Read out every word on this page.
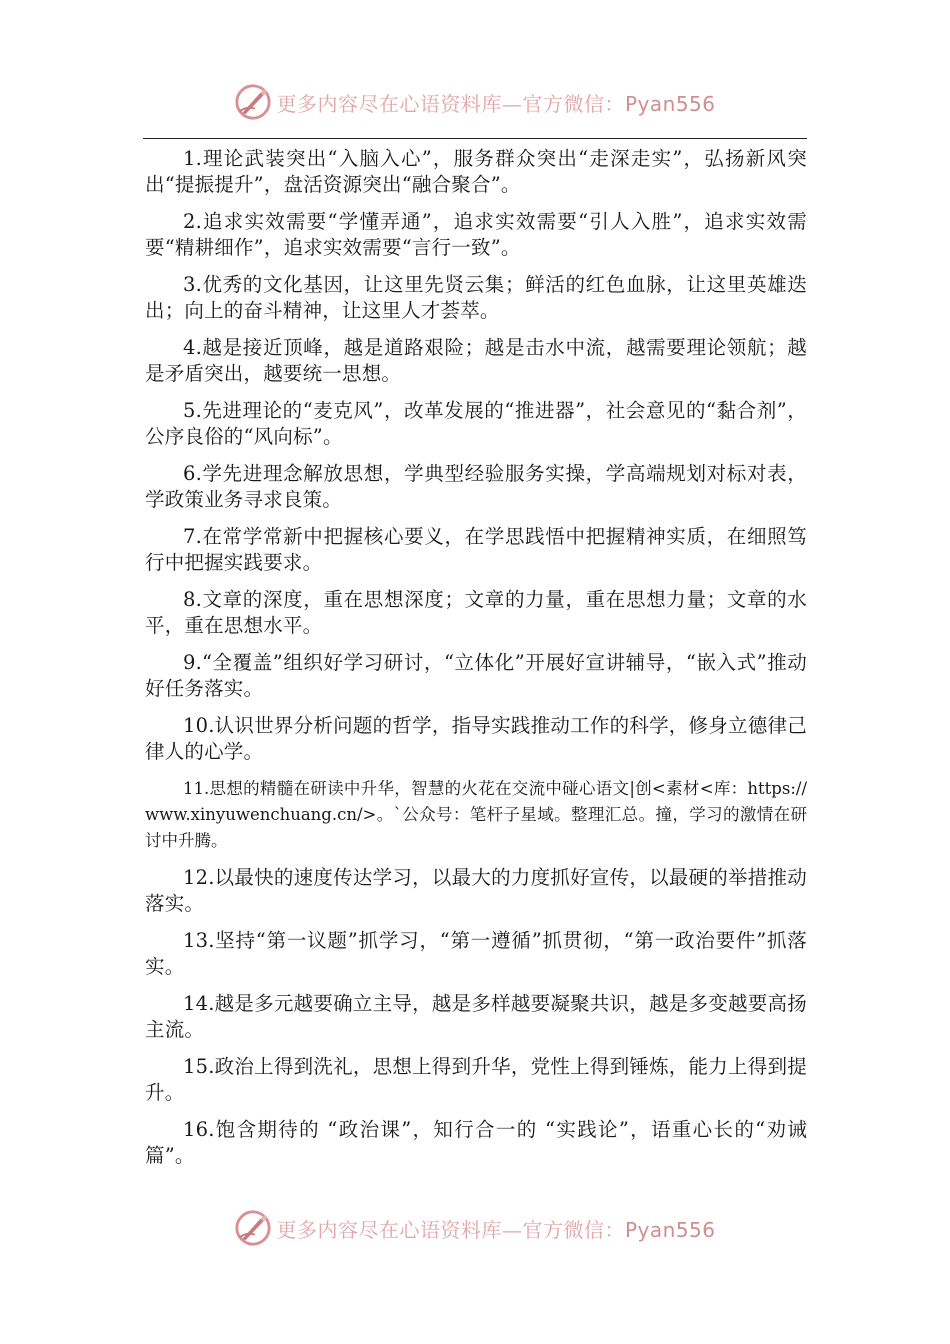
更多内容尽在心语资料库—官方微信：Pyan556

1.理论武装突出“入脑入心”，服务群众突出“走深走实”，弘扬新风突出“提振提升”，盘活资源突出“融合聚合”。

2.追求实效需要“学懂弄通”，追求实效需要“引人入胜”，追求实效需要“精耕细作”，追求实效需要“言行一致”。

3.优秀的文化基因，让这里先贤云集；鲜活的红色血脉，让这里英雄迭出；向上的奋斗精神，让这里人才荟萃。

4.越是接近顶峰，越是道路艰险；越是击水中流，越需要理论领航；越是矛盾突出，越要统一思想。

5.先进理论的“麦克风”，改革发展的“推进器”，社会意见的“黏合剂”，公序良俗的“风向标”。

6.学先进理念解放思想，学典型经验服务实操，学高端规划对标对表，学政策业务寻求良策。

7.在常学常新中把握核心要义，在学思践悟中把握精神实质，在细照笃行中把握实践要求。

8.文章的深度，重在思想深度；文章的力量，重在思想力量；文章的水平，重在思想水平。

9.“全覆盖”组织好学习研讨，“立体化”开展好宣讲辅导，“嵌入式”推动好任务落实。

10.认识世界分析问题的哲学，指导实践推动工作的科学，修身立德律己律人的心学。

11.思想的精髓在研读中升华，智慧的火花在交流中碰心语文|创<素材<库：https://www.xinyuwenchuang.cn/>。`公众号：笔杆子星域。整理汇总。撞，学习的激情在研讨中升腾。

12.以最快的速度传达学习，以最大的力度抓好宣传，以最硬的举措推动落实。

13.坚持“第一议题”抓学习，“第一遵循”抓贯彻，“第一政治要件”抓落实。

14.越是多元越要确立主导，越是多样越要凝聚共识，越是多变越要高扬主流。

15.政治上得到洗礼，思想上得到升华，党性上得到锤炼，能力上得到提升。

16.饱含期待的 “政治课”，知行合一的 “实践论”，语重心长的“劝诫篇”。

更多内容尽在心语资料库—官方微信：Pyan556
